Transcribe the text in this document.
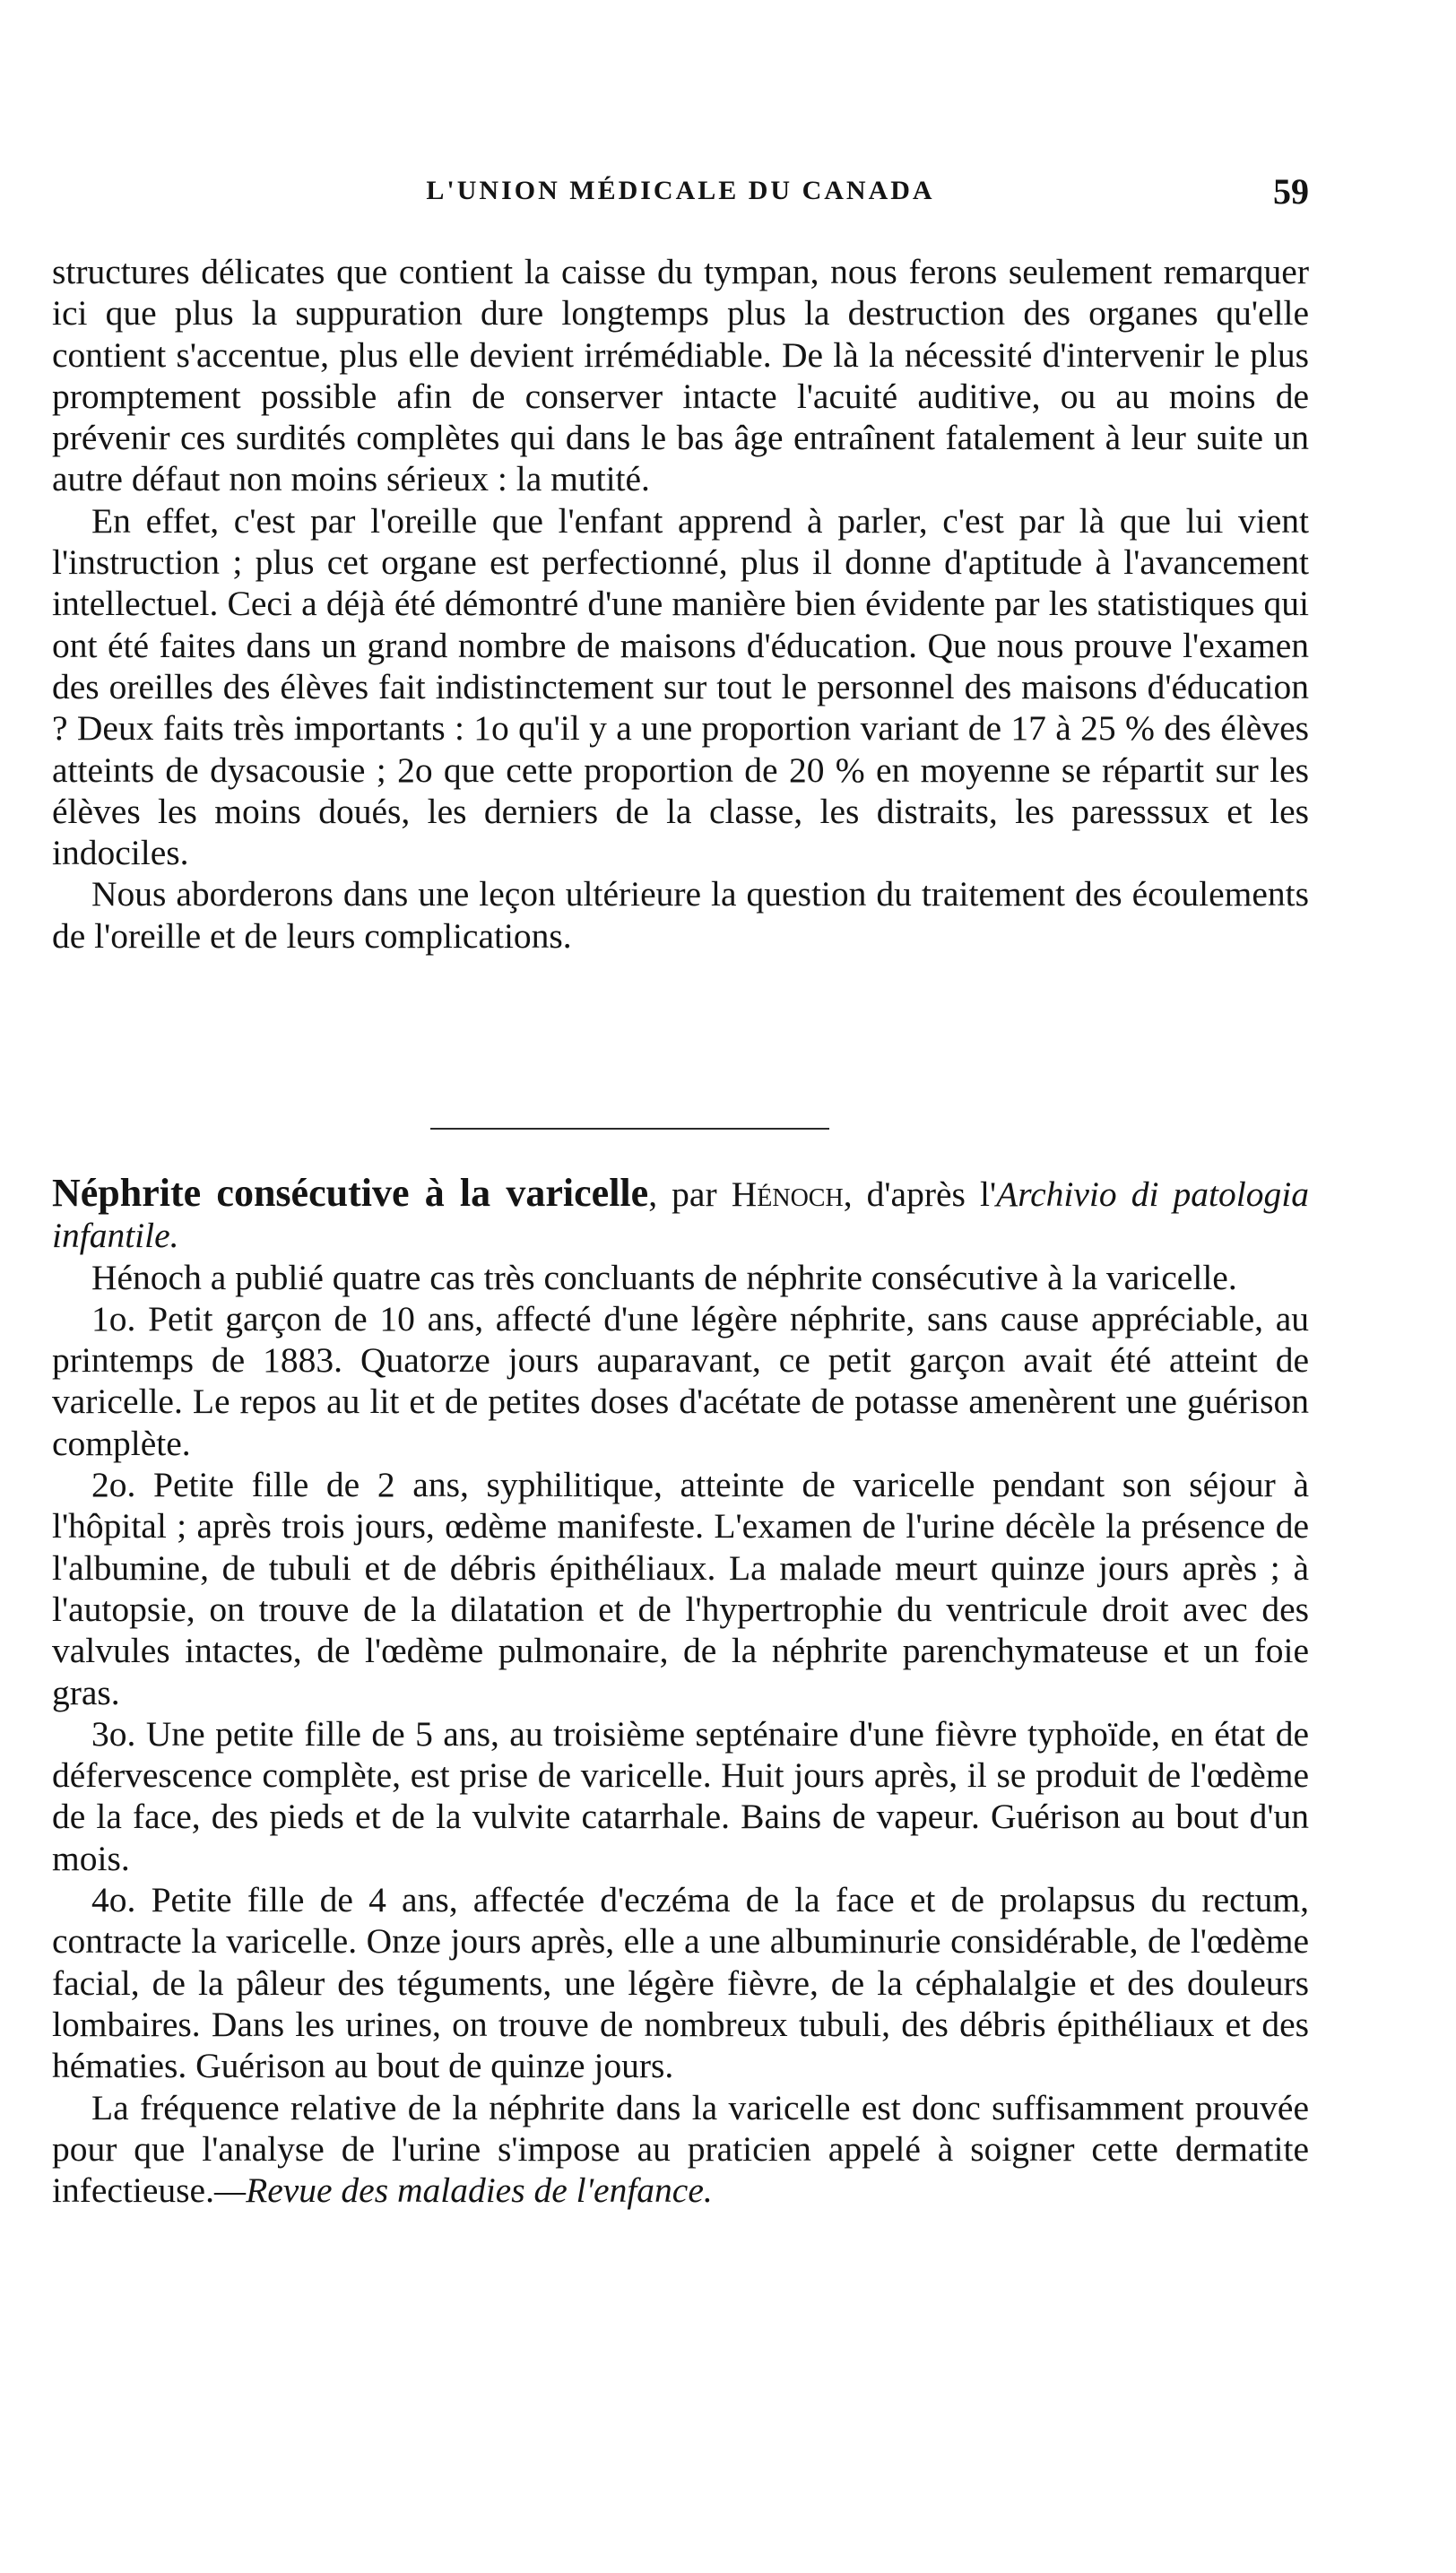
L'UNION MÉDICALE DU CANADA	59

structures délicates que contient la caisse du tympan, nous ferons seulement remarquer ici que plus la suppuration dure longtemps plus la destruction des organes qu'elle contient s'accentue, plus elle devient irrémédiable. De là la nécessité d'intervenir le plus promptement possible afin de conserver intacte l'acuité auditive, ou au moins de prévenir ces surdités complètes qui dans le bas âge entraînent fatalement à leur suite un autre défaut non moins sérieux : la mutité.

En effet, c'est par l'oreille que l'enfant apprend à parler, c'est par là que lui vient l'instruction ; plus cet organe est perfectionné, plus il donne d'aptitude à l'avancement intellectuel. Ceci a déjà été démontré d'une manière bien évidente par les statistiques qui ont été faites dans un grand nombre de maisons d'éducation. Que nous prouve l'examen des oreilles des élèves fait indistinctement sur tout le personnel des maisons d'éducation ? Deux faits très importants : 1o qu'il y a une proportion variant de 17 à 25 % des élèves atteints de dysacousie ; 2o que cette proportion de 20 % en moyenne se répartit sur les élèves les moins doués, les derniers de la classe, les distraits, les paresssux et les indociles.

Nous aborderons dans une leçon ultérieure la question du traitement des écoulements de l'oreille et de leurs complications.

Néphrite consécutive à la varicelle, par Hénoch, d'après l'Archivio di patologia infantile.

Hénoch a publié quatre cas très concluants de néphrite consécutive à la varicelle.

1o. Petit garçon de 10 ans, affecté d'une légère néphrite, sans cause appréciable, au printemps de 1883. Quatorze jours auparavant, ce petit garçon avait été atteint de varicelle. Le repos au lit et de petites doses d'acétate de potasse amenèrent une guérison complète.

2o. Petite fille de 2 ans, syphilitique, atteinte de varicelle pendant son séjour à l'hôpital ; après trois jours, œdème manifeste. L'examen de l'urine décèle la présence de l'albumine, de tubuli et de débris épithéliaux. La malade meurt quinze jours après ; à l'autopsie, on trouve de la dilatation et de l'hypertrophie du ventricule droit avec des valvules intactes, de l'œdème pulmonaire, de la néphrite parenchymateuse et un foie gras.

3o. Une petite fille de 5 ans, au troisième septénaire d'une fièvre typhoïde, en état de défervescence complète, est prise de varicelle. Huit jours après, il se produit de l'œdème de la face, des pieds et de la vulvite catarrhale. Bains de vapeur. Guérison au bout d'un mois.

4o. Petite fille de 4 ans, affectée d'eczéma de la face et de prolapsus du rectum, contracte la varicelle. Onze jours après, elle a une albuminurie considérable, de l'œdème facial, de la pâleur des téguments, une légère fièvre, de la céphalalgie et des douleurs lombaires. Dans les urines, on trouve de nombreux tubuli, des débris épithéliaux et des hématies. Guérison au bout de quinze jours.

La fréquence relative de la néphrite dans la varicelle est donc suffisamment prouvée pour que l'analyse de l'urine s'impose au praticien appelé à soigner cette dermatite infectieuse.—Revue des maladies de l'enfance.
